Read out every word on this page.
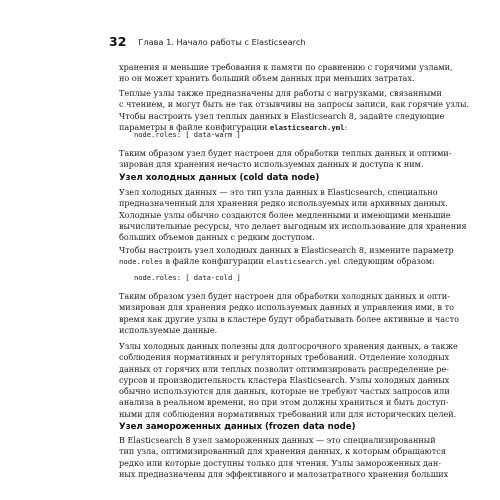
32 Глава 1. Начало работы с Elasticsearch
хранения и меньшие требования к памяти по сравнению с горячими узлами,
но он может хранить больший объем данных при меньших затратах.
Теплые узлы также предназначены для работы с нагрузками, связанными
с чтением, и могут быть не так отзывчивы на запросы записи, как горячие узлы.
Чтобы настроить узел теплых данных в Elasticsearch 8, задайте следующие
параметры в файле конфигурации elasticsearch.yml:
node.roles: [ data-warm ]
Таким образом узел будет настроен для обработки теплых данных и оптими-
зирован для хранения нечасто используемых данных и доступа к ним.
Узел холодных данных (cold data node)
Узел холодных данных — это тип узла данных в Elasticsearch, специально
предназначенный для хранения редко используемых или архивных данных.
Холодные узлы обычно создаются более медленными и имеющими меньшие
вычислительные ресурсы, что делает выгодным их использование для хранения
больших объемов данных с редким доступом.
Чтобы настроить узел холодных данных в Elasticsearch 8, измените параметр
node.roles в файле конфигурации elasticsearch.yml следующим образом:
node.roles: [ data-cold ]
Таким образом узел будет настроен для обработки холодных данных и опти-
мизирован для хранения редко используемых данных и управления ими, в то
время как другие узлы в кластере будут обрабатывать более активные и часто
используемые данные.
Узлы холодных данных полезны для долгосрочного хранения данных, а также
соблюдения нормативных и регуляторных требований. Отделение холодных
данных от горячих или теплых позволит оптимизировать распределение ре-
сурсов и производительность кластера Elasticsearch. Узлы холодных данных
обычно используются для данных, которые не требуют частых запросов или
анализа в реальном времени, но при этом должны храниться и быть доступ-
ными для соблюдения нормативных требований или для исторических целей.
Узел замороженных данных (frozen data node)
В Elasticsearch 8 узел замороженных данных — это специализированный
тип узла, оптимизированный для хранения данных, к которым обращаются
редко или которые доступны только для чтения. Узлы замороженных дан-
ных предназначены для эффективного и малозатратного хранения больших
